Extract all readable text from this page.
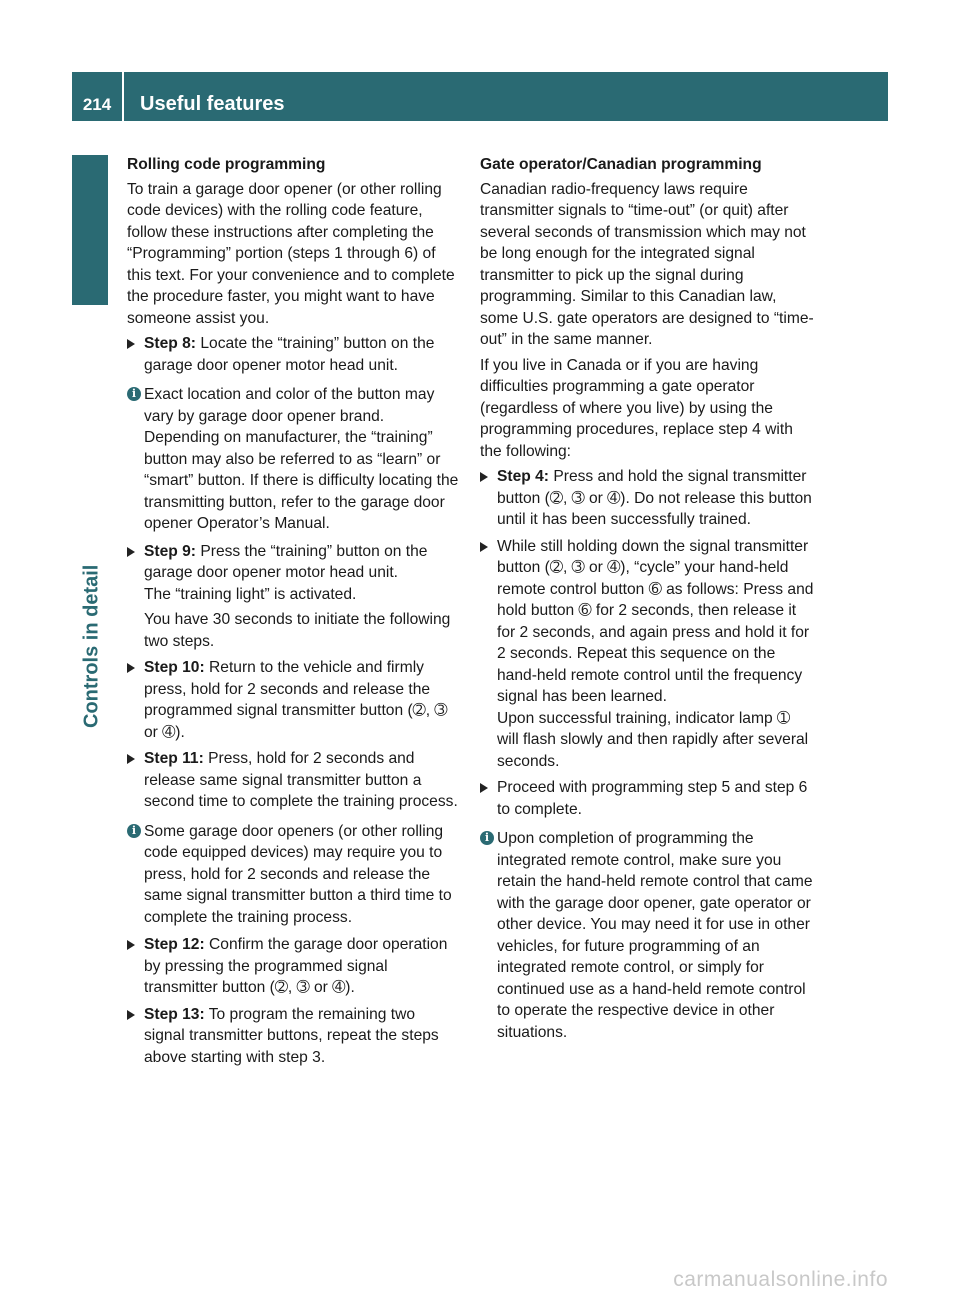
214	Useful features
Controls in detail
Rolling code programming

To train a garage door opener (or other rolling code devices) with the rolling code feature, follow these instructions after completing the “Programming” portion (steps 1 through 6) of this text. For your convenience and to complete the procedure faster, you might want to have someone assist you.

Step 8: Locate the “training” button on the garage door opener motor head unit.
i Exact location and color of the button may vary by garage door opener brand. Depending on manufacturer, the “training” button may also be referred to as “learn” or “smart” button. If there is difficulty locating the transmitting button, refer to the garage door opener Operator’s Manual.
Step 9: Press the “training” button on the garage door opener motor head unit.
The “training light” is activated.
You have 30 seconds to initiate the following two steps.
Step 10: Return to the vehicle and firmly press, hold for 2 seconds and release the programmed signal transmitter button (➁, ➂ or ➃).
Step 11: Press, hold for 2 seconds and release same signal transmitter button a second time to complete the training process.
i Some garage door openers (or other rolling code equipped devices) may require you to press, hold for 2 seconds and release the same signal transmitter button a third time to complete the training process.
Step 12: Confirm the garage door operation by pressing the programmed signal transmitter button (➁, ➂ or ➃).
Step 13: To program the remaining two signal transmitter buttons, repeat the steps above starting with step 3.
Gate operator/Canadian programming

Canadian radio-frequency laws require transmitter signals to “time-out” (or quit) after several seconds of transmission which may not be long enough for the integrated signal transmitter to pick up the signal during programming. Similar to this Canadian law, some U.S. gate operators are designed to “time-out” in the same manner.

If you live in Canada or if you are having difficulties programming a gate operator (regardless of where you live) by using the programming procedures, replace step 4 with the following:

Step 4: Press and hold the signal transmitter button (➁, ➂ or ➃). Do not release this button until it has been successfully trained.
While still holding down the signal transmitter button (➁, ➂ or ➃), “cycle” your hand-held remote control button ➅ as follows: Press and hold button ➅ for 2 seconds, then release it for 2 seconds, and again press and hold it for 2 seconds. Repeat this sequence on the hand-held remote control until the frequency signal has been learned.
Upon successful training, indicator lamp ➀ will flash slowly and then rapidly after several seconds.
Proceed with programming step 5 and step 6 to complete.
i Upon completion of programming the integrated remote control, make sure you retain the hand-held remote control that came with the garage door opener, gate operator or other device. You may need it for use in other vehicles, for future programming of an integrated remote control, or simply for continued use as a hand-held remote control to operate the respective device in other situations.
carmanualsonline.info
